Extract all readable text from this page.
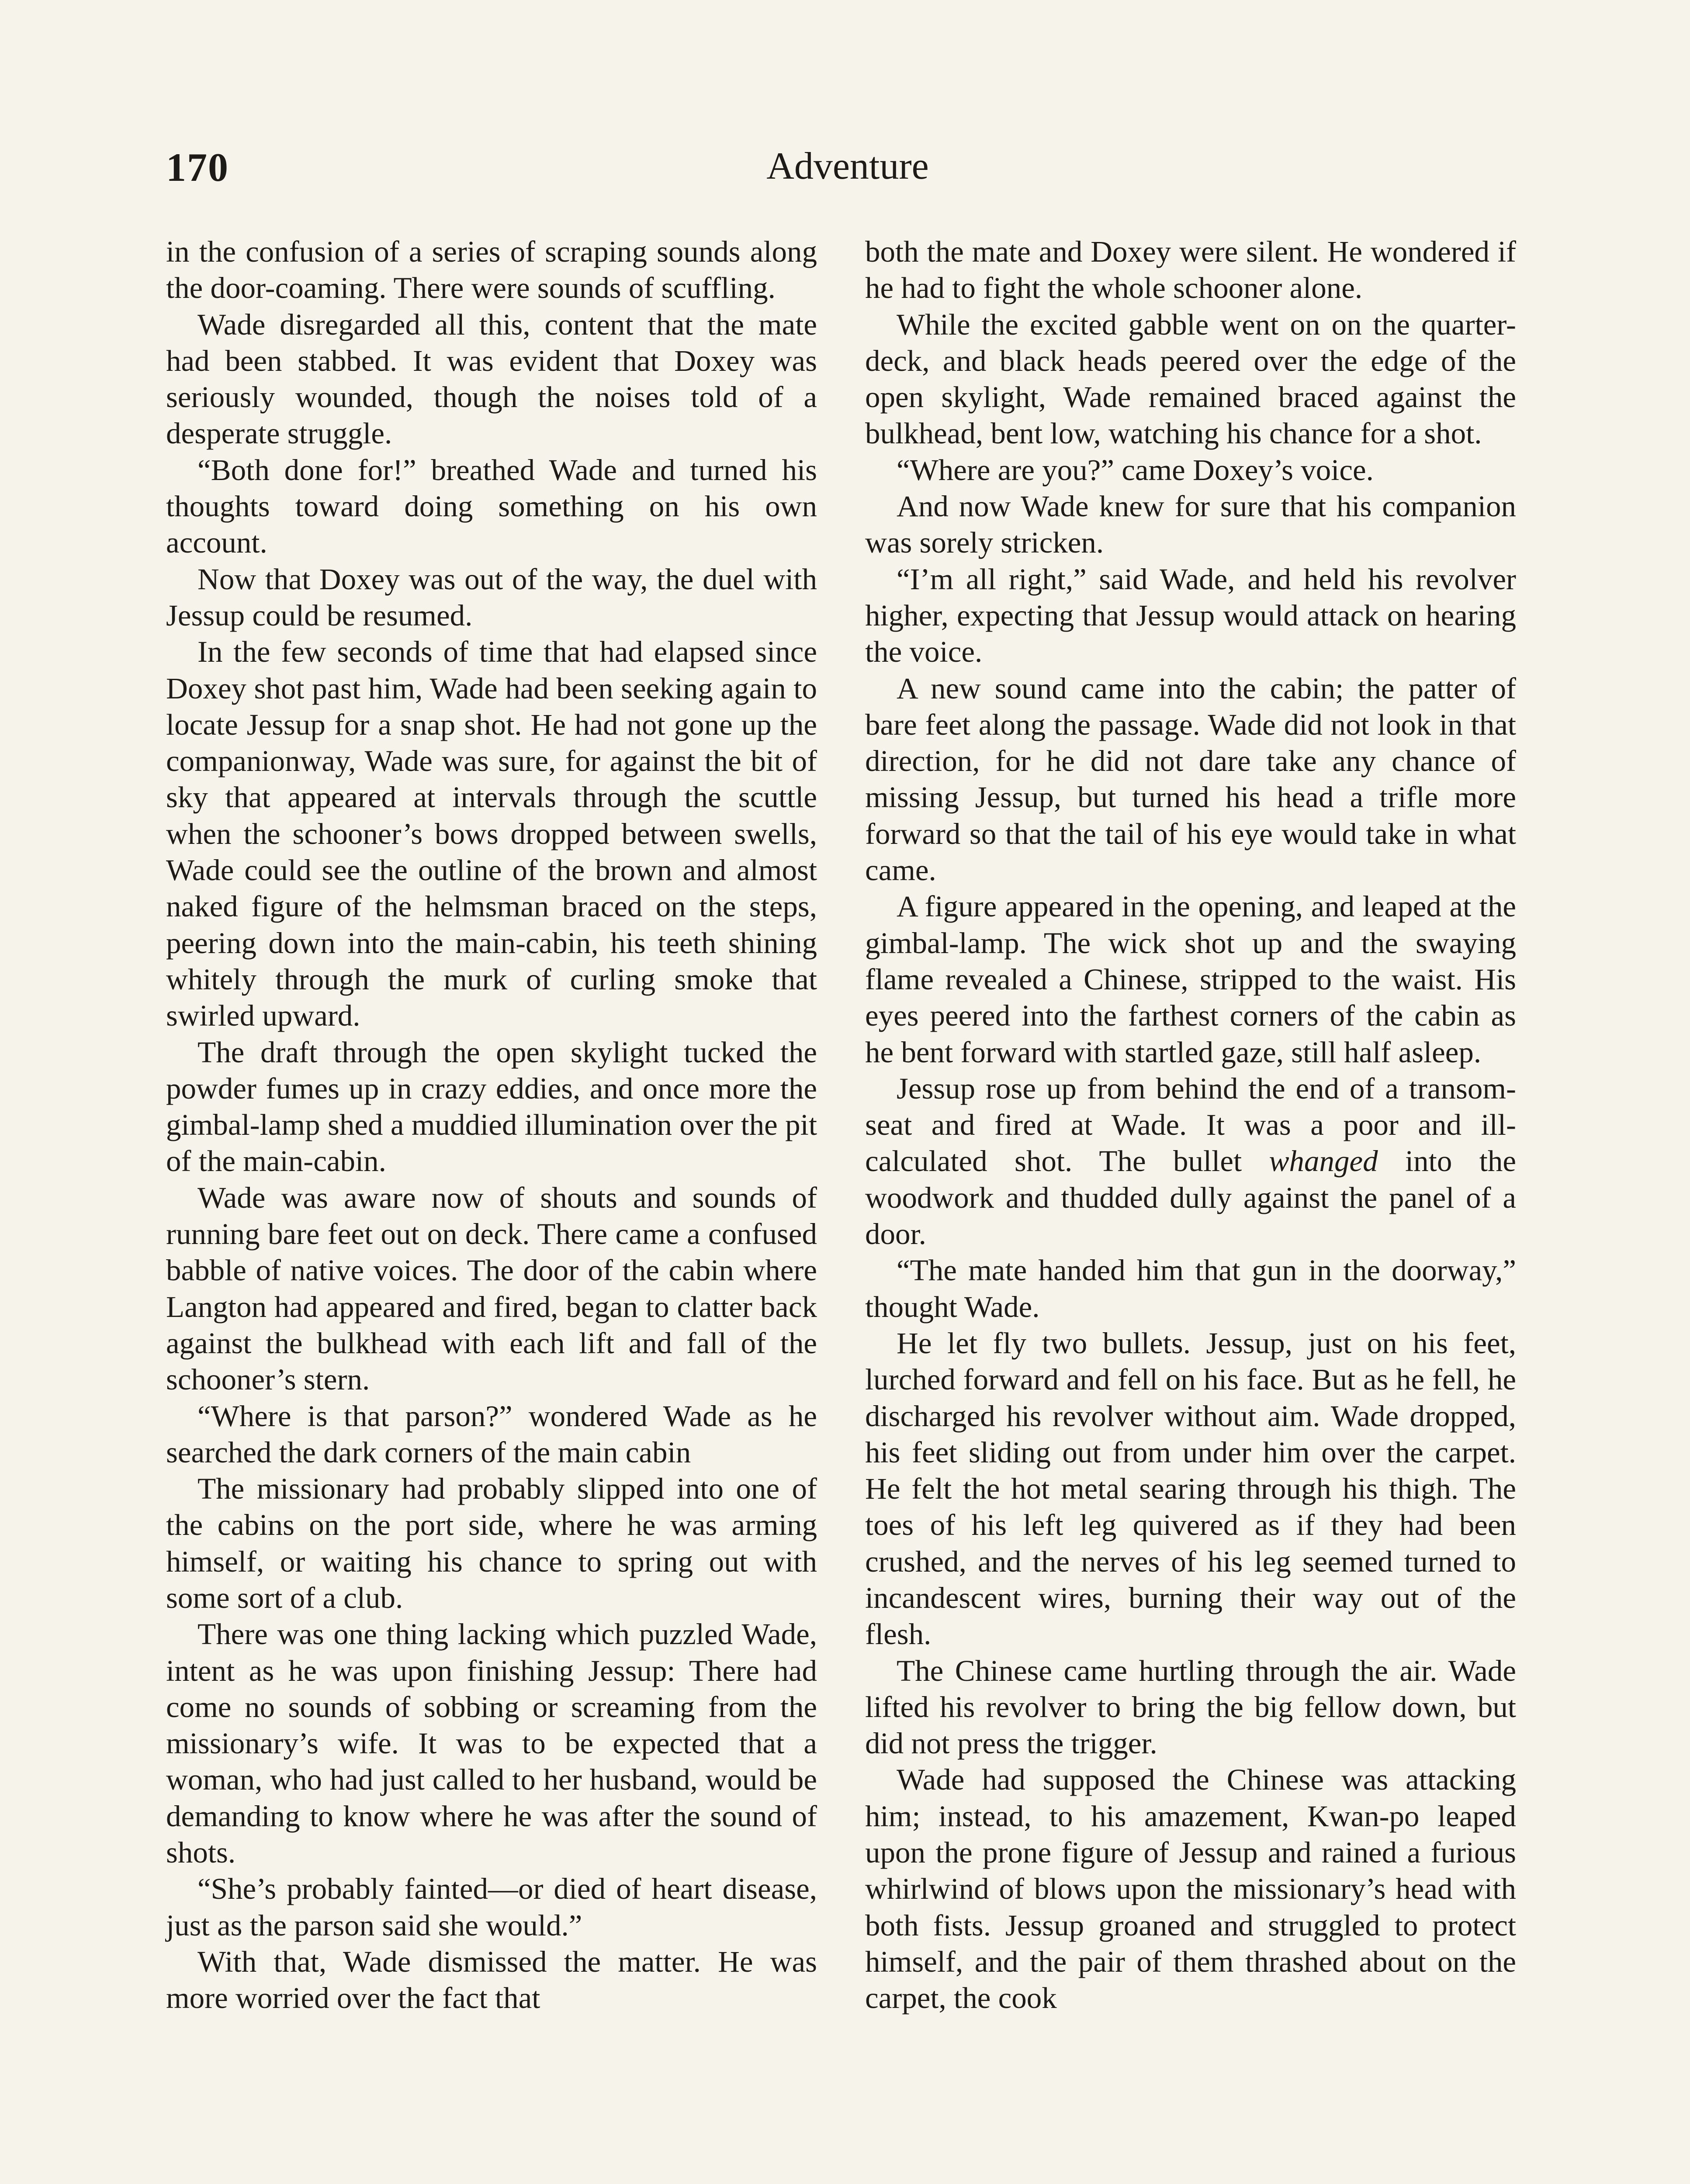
170	Adventure

in the confusion of a series of scraping sounds along the door-coaming. There were sounds of scuffling.

Wade disregarded all this, content that the mate had been stabbed. It was evident that Doxey was seriously wounded, though the noises told of a desperate struggle.

“Both done for!” breathed Wade and turned his thoughts toward doing something on his own account.

Now that Doxey was out of the way, the duel with Jessup could be resumed.

In the few seconds of time that had elapsed since Doxey shot past him, Wade had been seeking again to locate Jessup for a snap shot. He had not gone up the companionway, Wade was sure, for against the bit of sky that appeared at intervals through the scuttle when the schooner’s bows dropped between swells, Wade could see the outline of the brown and almost naked figure of the helmsman braced on the steps, peering down into the main-cabin, his teeth shining whitely through the murk of curling smoke that swirled upward.

The draft through the open skylight tucked the powder fumes up in crazy eddies, and once more the gimbal-lamp shed a muddied illumination over the pit of the main-cabin.

Wade was aware now of shouts and sounds of running bare feet out on deck. There came a confused babble of native voices. The door of the cabin where Langton had appeared and fired, began to clatter back against the bulkhead with each lift and fall of the schooner’s stern.

“Where is that parson?” wondered Wade as he searched the dark corners of the main cabin

The missionary had probably slipped into one of the cabins on the port side, where he was arming himself, or waiting his chance to spring out with some sort of a club.

There was one thing lacking which puzzled Wade, intent as he was upon finishing Jessup: There had come no sounds of sobbing or screaming from the missionary’s wife. It was to be expected that a woman, who had just called to her husband, would be demanding to know where he was after the sound of shots.

“She’s probably fainted—or died of heart disease, just as the parson said she would.”

With that, Wade dismissed the matter. He was more worried over the fact that

both the mate and Doxey were silent. He wondered if he had to fight the whole schooner alone.

While the excited gabble went on on the quarter-deck, and black heads peered over the edge of the open skylight, Wade remained braced against the bulkhead, bent low, watching his chance for a shot.

“Where are you?” came Doxey’s voice.

And now Wade knew for sure that his companion was sorely stricken.

“I’m all right,” said Wade, and held his revolver higher, expecting that Jessup would attack on hearing the voice.

A new sound came into the cabin; the patter of bare feet along the passage. Wade did not look in that direction, for he did not dare take any chance of missing Jessup, but turned his head a trifle more forward so that the tail of his eye would take in what came.

A figure appeared in the opening, and leaped at the gimbal-lamp. The wick shot up and the swaying flame revealed a Chinese, stripped to the waist. His eyes peered into the farthest corners of the cabin as he bent forward with startled gaze, still half asleep.

Jessup rose up from behind the end of a transom-seat and fired at Wade. It was a poor and ill-calculated shot. The bullet whanged into the woodwork and thudded dully against the panel of a door.

“The mate handed him that gun in the doorway,” thought Wade.

He let fly two bullets. Jessup, just on his feet, lurched forward and fell on his face. But as he fell, he discharged his revolver without aim. Wade dropped, his feet sliding out from under him over the carpet. He felt the hot metal searing through his thigh. The toes of his left leg quivered as if they had been crushed, and the nerves of his leg seemed turned to incandescent wires, burning their way out of the flesh.

The Chinese came hurtling through the air. Wade lifted his revolver to bring the big fellow down, but did not press the trigger.

Wade had supposed the Chinese was attacking him; instead, to his amazement, Kwan-po leaped upon the prone figure of Jessup and rained a furious whirlwind of blows upon the missionary’s head with both fists. Jessup groaned and struggled to protect himself, and the pair of them thrashed about on the carpet, the cook
